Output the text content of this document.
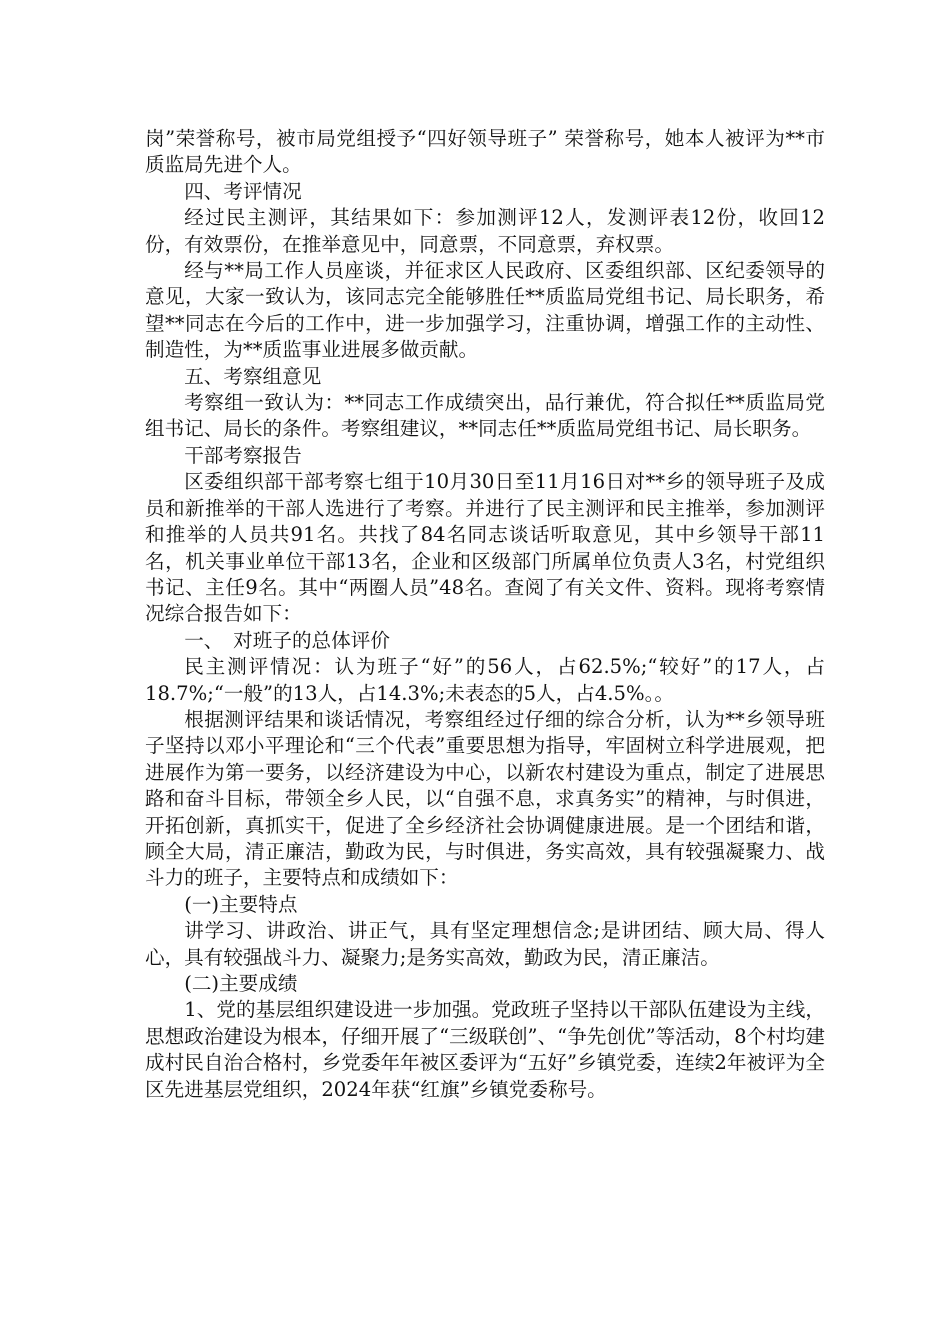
岗”荣誉称号，被市局党组授予“四好领导班子” 荣誉称号，她本人被评为**市质监局先进个人。

四、考评情况

经过民主测评，其结果如下：参加测评12人，发测评表12份，收回12份，有效票份，在推举意见中，同意票，不同意票，弃权票。

经与**局工作人员座谈，并征求区人民政府、区委组织部、区纪委领导的意见，大家一致认为，该同志完全能够胜任**质监局党组书记、局长职务，希望**同志在今后的工作中，进一步加强学习，注重协调，增强工作的主动性、制造性，为**质监事业进展多做贡献。

五、考察组意见

考察组一致认为：**同志工作成绩突出，品行兼优，符合拟任**质监局党组书记、局长的条件。考察组建议，**同志任**质监局党组书记、局长职务。

干部考察报告

区委组织部干部考察七组于10月30日至11月16日对**乡的领导班子及成员和新推举的干部人选进行了考察。并进行了民主测评和民主推举，参加测评和推举的人员共91名。共找了84名同志谈话听取意见，其中乡领导干部11名，机关事业单位干部13名，企业和区级部门所属单位负责人3名，村党组织书记、主任9名。其中“两圈人员”48名。查阅了有关文件、资料。现将考察情况综合报告如下：

一、　对班子的总体评价

民主测评情况：认为班子“好”的56人，占62.5%;“较好”的17人，占18.7%;“一般”的13人，占14.3%;未表态的5人，占4.5%。。

根据测评结果和谈话情况，考察组经过仔细的综合分析，认为**乡领导班子坚持以邓小平理论和“三个代表”重要思想为指导，牢固树立科学进展观，把进展作为第一要务，以经济建设为中心，以新农村建设为重点，制定了进展思路和奋斗目标，带领全乡人民，以“自强不息，求真务实”的精神，与时俱进，开拓创新，真抓实干，促进了全乡经济社会协调健康进展。是一个团结和谐，顾全大局，清正廉洁，勤政为民，与时俱进，务实高效，具有较强凝聚力、战斗力的班子，主要特点和成绩如下：

(一)主要特点

讲学习、讲政治、讲正气，具有坚定理想信念;是讲团结、顾大局、得人心，具有较强战斗力、凝聚力;是务实高效，勤政为民，清正廉洁。

(二)主要成绩

1、党的基层组织建设进一步加强。党政班子坚持以干部队伍建设为主线，思想政治建设为根本，仔细开展了“三级联创”、“争先创优”等活动，8个村均建成村民自治合格村，乡党委年年被区委评为“五好”乡镇党委，连续2年被评为全区先进基层党组织，2024年获“红旗”乡镇党委称号。
